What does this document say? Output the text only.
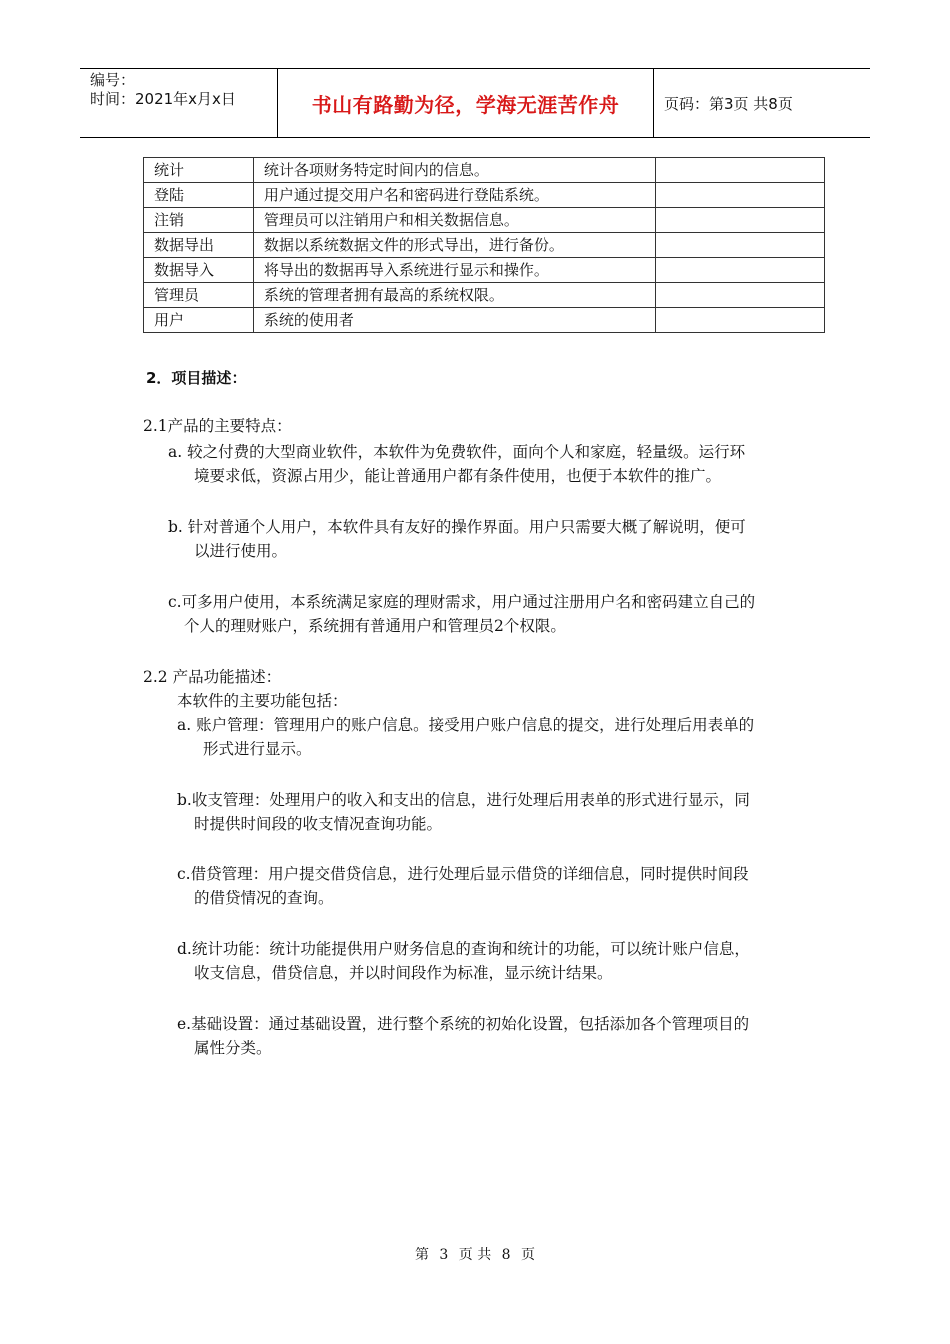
编号：
时间：2021年x月x日	书山有路勤为径，学海无涯苦作舟	页码：第3页 共8页
统计	统计各项财务特定时间内的信息。	
登陆	用户通过提交用户名和密码进行登陆系统。	
注销	管理员可以注销用户和相关数据信息。	
数据导出	数据以系统数据文件的形式导出，进行备份。	
数据导入	将导出的数据再导入系统进行显示和操作。	
管理员	系统的管理者拥有最高的系统权限。	
用户	系统的使用者	
2．项目描述：
2.1产品的主要特点：
a. 较之付费的大型商业软件，本软件为免费软件，面向个人和家庭，轻量级。运行环
境要求低，资源占用少，能让普通用户都有条件使用，也便于本软件的推广。
b. 针对普通个人用户，本软件具有友好的操作界面。用户只需要大概了解说明，便可
以进行使用。
c.可多用户使用，本系统满足家庭的理财需求，用户通过注册用户名和密码建立自己的
个人的理财账户，系统拥有普通用户和管理员2个权限。
2.2 产品功能描述：
本软件的主要功能包括：
a. 账户管理：管理用户的账户信息。接受用户账户信息的提交，进行处理后用表单的
形式进行显示。
b.收支管理：处理用户的收入和支出的信息，进行处理后用表单的形式进行显示，同
时提供时间段的收支情况查询功能。
c.借贷管理：用户提交借贷信息，进行处理后显示借贷的详细信息，同时提供时间段
的借贷情况的查询。
d.统计功能：统计功能提供用户财务信息的查询和统计的功能，可以统计账户信息，
收支信息，借贷信息，并以时间段作为标准，显示统计结果。
e.基础设置：通过基础设置，进行整个系统的初始化设置，包括添加各个管理项目的
属性分类。
第 3 页 共 8 页
